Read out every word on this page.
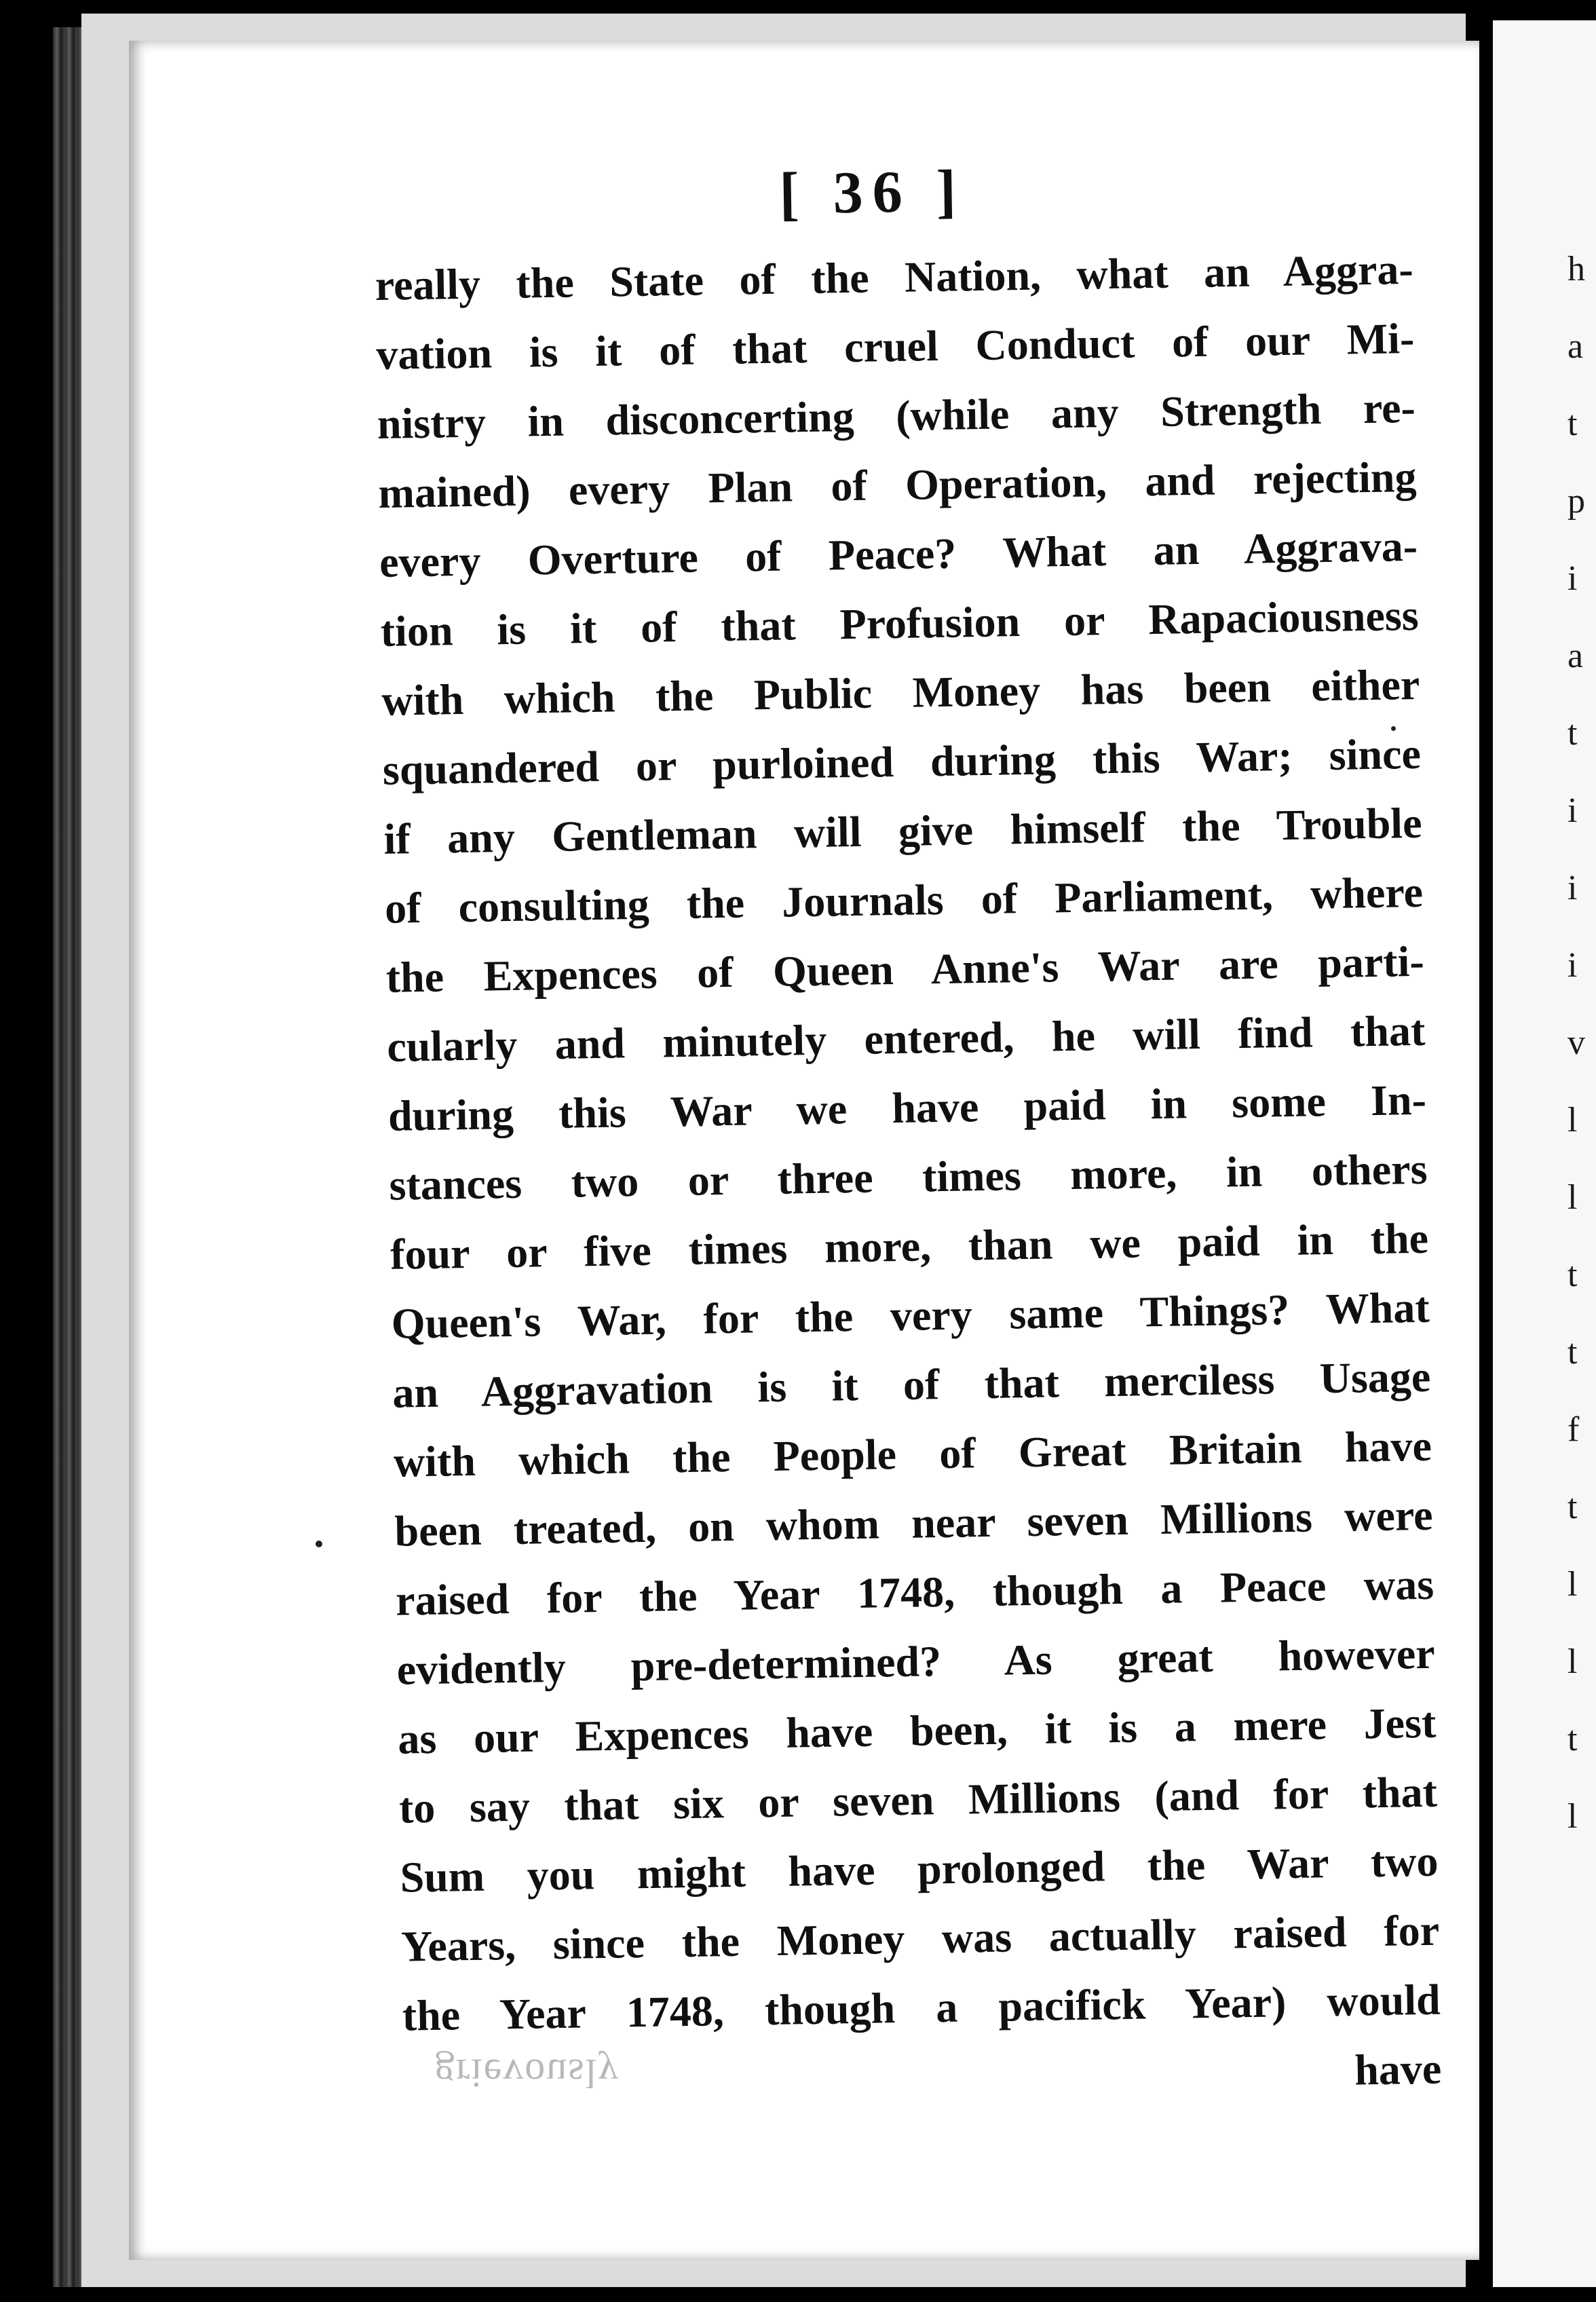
h
a
t
p
i
a
t
i
i
i
v
l
l
t
t
f
t
l
l
t
l
grievously
[ 36 ]
really the State of the Nation, what an Aggra-
vation is it of that cruel Conduct of our Mi-
nistry in disconcerting (while any Strength re-
mained) every Plan of Operation, and rejecting
every Overture of Peace? What an Aggrava-
tion is it of that Profusion or Rapaciousness
with which the Public Money has been either
squandered or purloined during this War; since
if any Gentleman will give himself the Trouble
of consulting the Journals of Parliament, where
the Expences of Queen Anne's War are parti-
cularly and minutely entered, he will find that
during this War we have paid in some In-
stances two or three times more, in others
four or five times more, than we paid in the
Queen's War, for the very same Things? What
an Aggravation is it of that merciless Usage
with which the People of Great Britain have
been treated, on whom near seven Millions were
raised for the Year 1748, though a Peace was
evidently pre-determined? As great however
as our Expences have been, it is a mere Jest
to say that six or seven Millions (and for that
Sum you might have prolonged the War two
Years, since the Money was actually raised for
the Year 1748, though a pacifick Year) would
have
